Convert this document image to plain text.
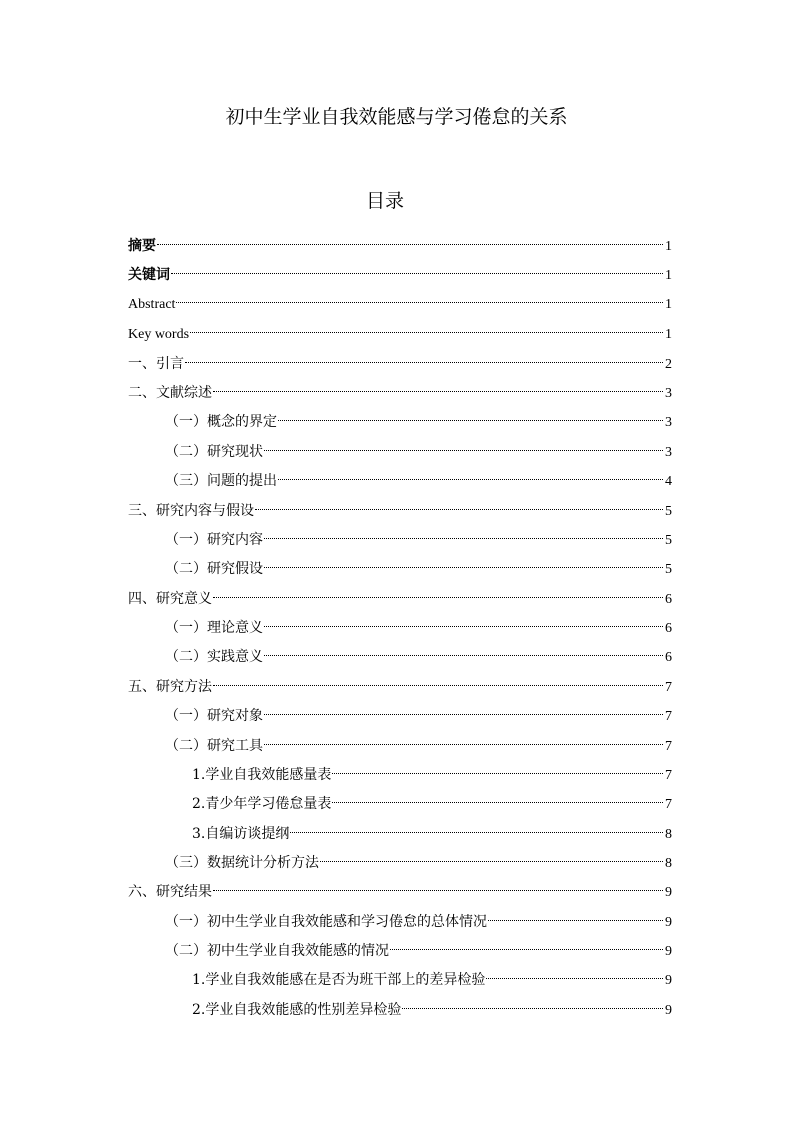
初中生学业自我效能感与学习倦怠的关系
目录
摘要	1
关键词	1
Abstract	1
Key words	1
一、引言	2
二、文献综述	3
（一）概念的界定	3
（二）研究现状	3
（三）问题的提出	4
三、研究内容与假设	5
（一）研究内容	5
（二）研究假设	5
四、研究意义	6
（一）理论意义	6
（二）实践意义	6
五、研究方法	7
（一）研究对象	7
（二）研究工具	7
1.学业自我效能感量表	7
2.青少年学习倦怠量表	7
3.自编访谈提纲	8
（三）数据统计分析方法	8
六、研究结果	9
（一）初中生学业自我效能感和学习倦怠的总体情况	9
（二）初中生学业自我效能感的情况	9
1.学业自我效能感在是否为班干部上的差异检验	9
2.学业自我效能感的性别差异检验	9
